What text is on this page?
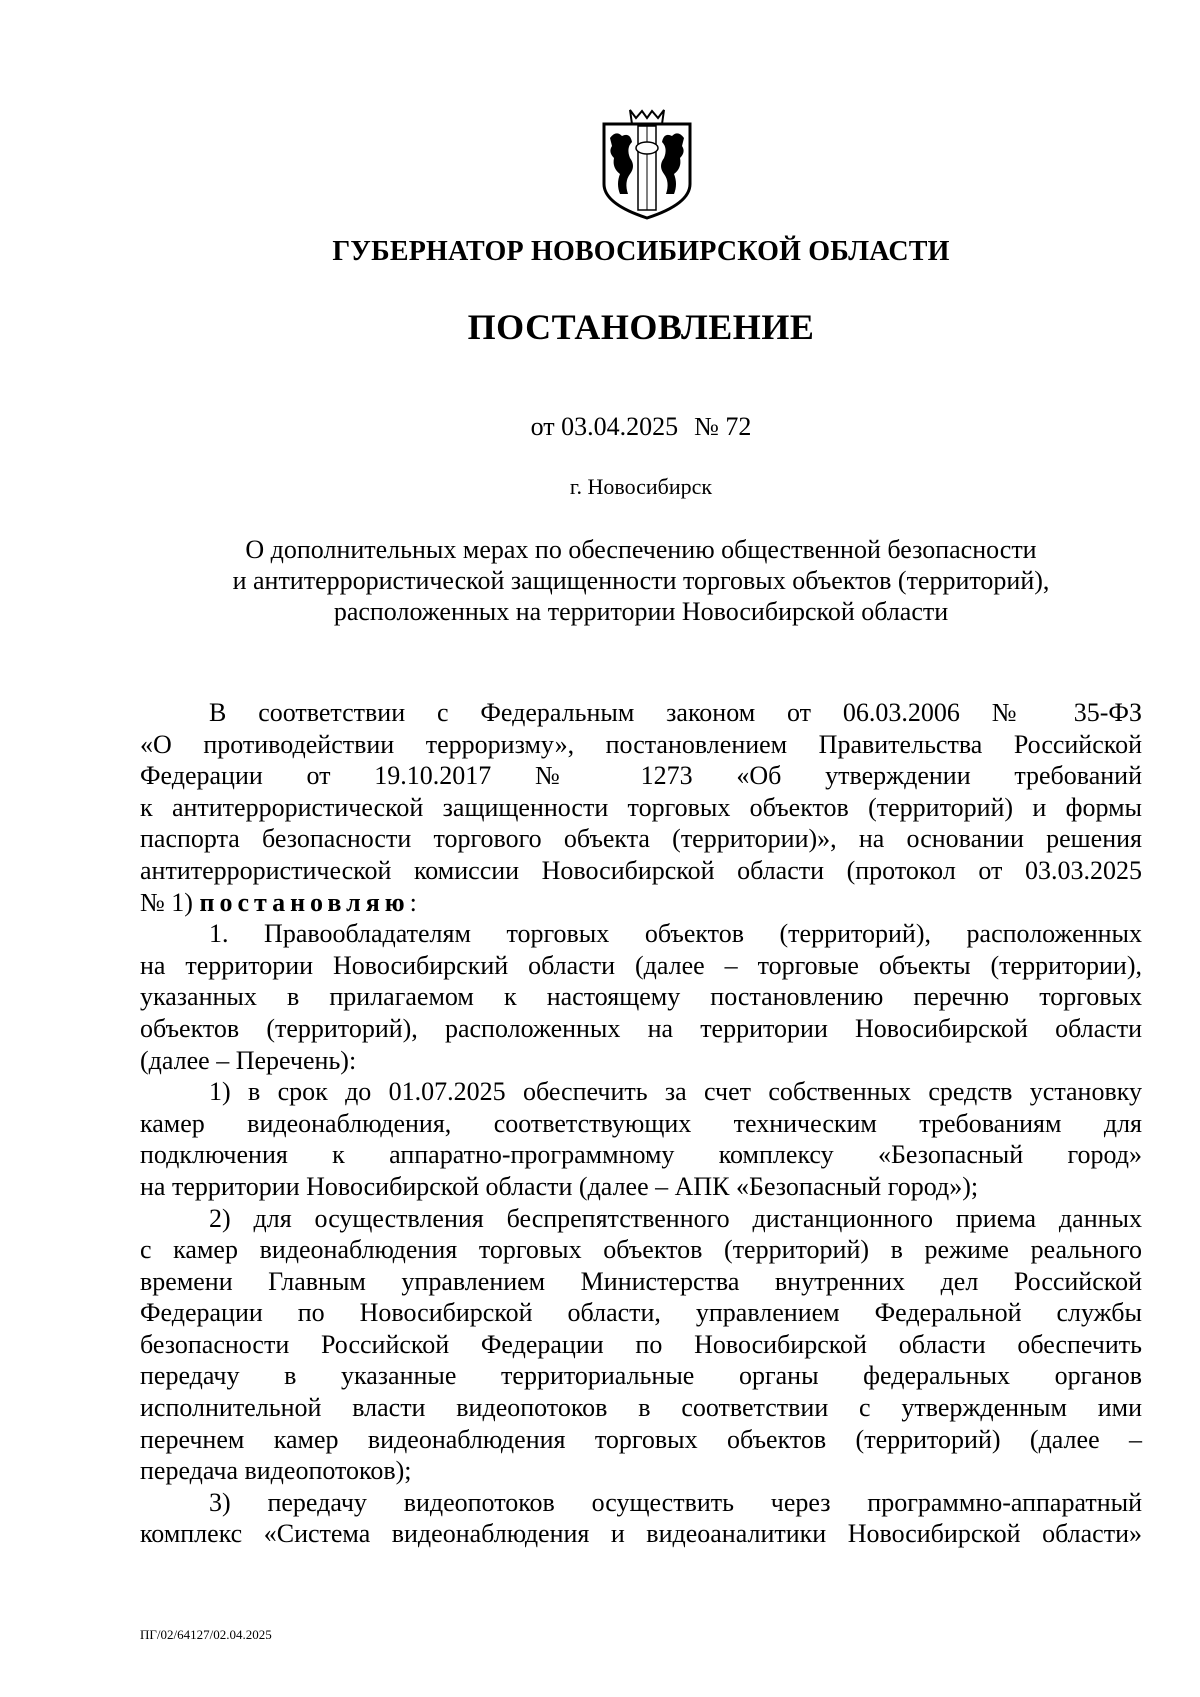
ГУБЕРНАТОР НОВОСИБИРСКОЙ ОБЛАСТИ
ПОСТАНОВЛЕНИЕ
от 03.04.2025 № 72
г. Новосибирск
О дополнительных мерах по обеспечению общественной безопасности
и антитеррористической защищенности торговых объектов (территорий),
расположенных на территории Новосибирской области

В соответствии с Федеральным законом от 06.03.2006 № 35-ФЗ
«О противодействии терроризму», постановлением Правительства Российской
Федерации от 19.10.2017 № 1273 «Об утверждении требований
к антитеррористической защищенности торговых объектов (территорий) и формы
паспорта безопасности торгового объекта (территории)», на основании решения
антитеррористической комиссии Новосибирской области (протокол от 03.03.2025
№ 1) постановляю:

1. Правообладателям торговых объектов (территорий), расположенных
на территории Новосибирский области (далее – торговые объекты (территории),
указанных в прилагаемом к настоящему постановлению перечню торговых
объектов (территорий), расположенных на территории Новосибирской области
(далее – Перечень):

1) в срок до 01.07.2025 обеспечить за счет собственных средств установку
камер видеонаблюдения, соответствующих техническим требованиям для
подключения к аппаратно-программному комплексу «Безопасный город»
на территории Новосибирской области (далее – АПК «Безопасный город»);

2) для осуществления беспрепятственного дистанционного приема данных
с камер видеонаблюдения торговых объектов (территорий) в режиме реального
времени Главным управлением Министерства внутренних дел Российской
Федерации по Новосибирской области, управлением Федеральной службы
безопасности Российской Федерации по Новосибирской области обеспечить
передачу в указанные территориальные органы федеральных органов
исполнительной власти видеопотоков в соответствии с утвержденным ими
перечнем камер видеонаблюдения торговых объектов (территорий) (далее –
передача видеопотоков);

3) передачу видеопотоков осуществить через программно-аппаратный
комплекс «Система видеонаблюдения и видеоаналитики Новосибирской области»

ПГ/02/64127/02.04.2025
